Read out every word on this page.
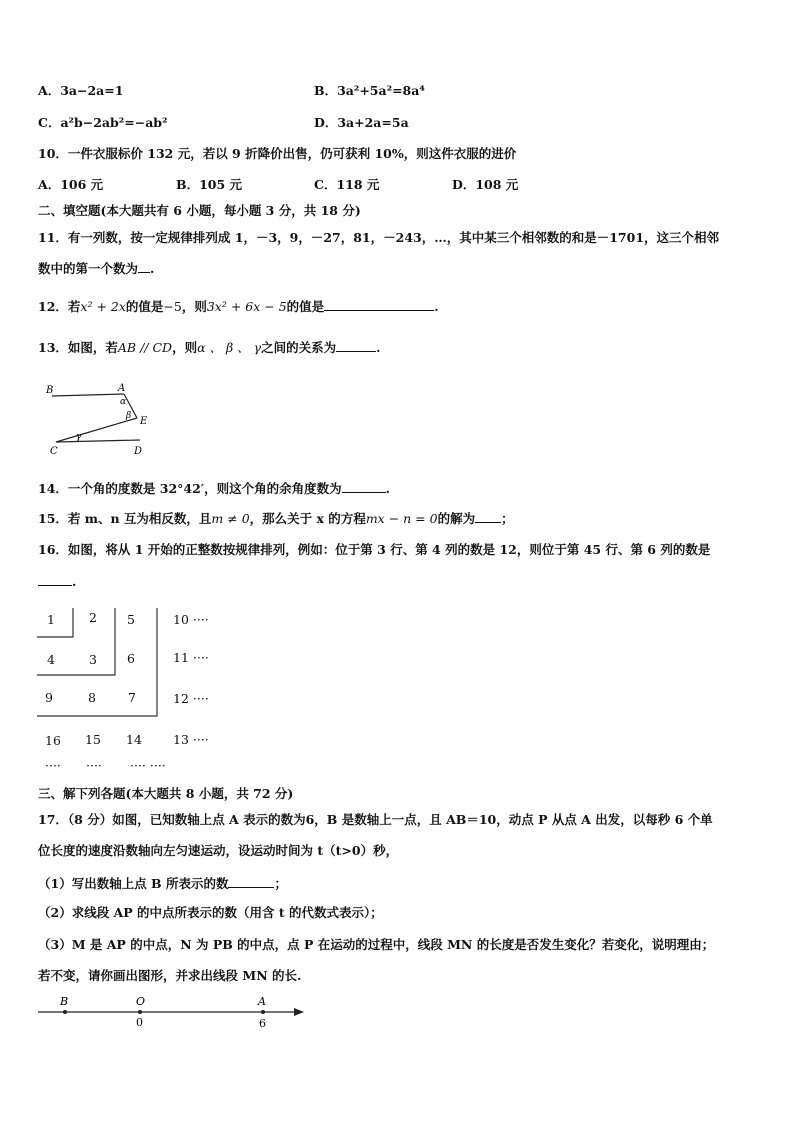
A．3a−2a=1	B．3a²+5a²=8a⁴
C．a²b−2ab²=−ab²	D．3a+2a=5a
10．一件衣服标价 132 元，若以 9 折降价出售，仍可获利 10%，则这件衣服的进价
A．106 元	B．105 元	C．118 元	D．108 元
二、填空题(本大题共有 6 小题，每小题 3 分，共 18 分)
11．有一列数，按一定规律排列成 1，－3，9，－27，81，－243，…，其中某三个相邻数的和是－1701，这三个相邻
数中的第一个数为 .
12．若x² + 2x的值是−5，则3x² + 6x − 5的值是	.
13．如图，若AB // CD，则α 、 β 、 γ之间的关系为	.
B	A
α
β E
γ
C	D
14．一个角的度数是 32°42′，则这个角的余角度数为	.
15．若 m、n 互为相反数，且m ≠ 0，那么关于 x 的方程mx − n = 0的解为 ；
16．如图，将从 1 开始的正整数按规律排列，例如：位于第 3 行、第 4 列的数是 12，则位于第 45 行、第 6 列的数是
.
1	2 5	10 ····
4	3 6	11 ····
9	8	7	12 ····
16 15 14 13 ····
···· ···· ···· ····
三、解下列各题(本大题共 8 小题，共 72 分)
17．（8 分）如图，已知数轴上点 A 表示的数为6，B 是数轴上一点，且 AB＝10，动点 P 从点 A 出发，以每秒 6 个单
位长度的速度沿数轴向左匀速运动，设运动时间为 t（t>0）秒，
（1）写出数轴上点 B 所表示的数	；
（2）求线段 AP 的中点所表示的数（用含 t 的代数式表示）；
（3）M 是 AP 的中点，N 为 PB 的中点，点 P 在运动的过程中，线段 MN 的长度是否发生变化？若变化，说明理由；
若不变，请你画出图形，并求出线段 MN 的长.
B	O	A
0	6
